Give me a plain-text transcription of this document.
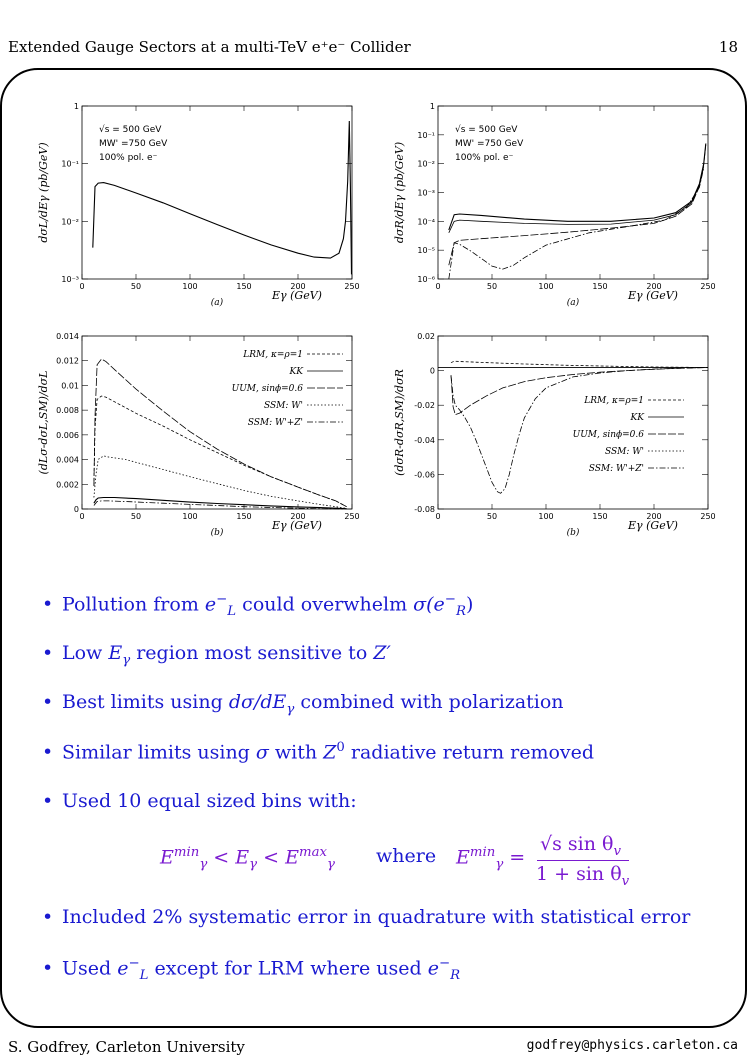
Extended Gauge Sectors at a multi-TeV e⁺e⁻ Collider	18
0	50	100	150	200	250
10⁻³
10⁻²
10⁻¹
1
√s = 500 GeV
MW' =750 GeV
100% pol. e⁻
Eγ (GeV)
dσL/dEγ (pb/GeV)
(a)
0	50	100	150	200	250
10⁻⁶
10⁻⁵
10⁻⁴
10⁻³
10⁻²
10⁻¹
1
√s = 500 GeV
MW' =750 GeV
100% pol. e⁻
Eγ (GeV)
dσR/dEγ (pb/GeV)
(a)
0	50	100	150	200	250
0
0.002
0.004
0.006
0.008
0.01
0.012
0.014
LRM, κ=ρ=1
KK
UUM, sinϕ=0.6
SSM: W'
SSM: W'+Z'
Eγ (GeV)
(dLσ-dσL,SM)/dσL
(b)
0	50	100	150	200	250
-0.08
-0.06
-0.04
-0.02
0
0.02
LRM, κ=ρ=1
KK
UUM, sinϕ=0.6
SSM: W'
SSM: W'+Z'
Eγ (GeV)
(dσR-dσR,SM)/dσR
(b)
• Pollution from $e^-_L$ could overwhelm $\sigma(e^-_R)$
• Low $E_\gamma$ region most sensitive to Z′
• Best limits using $d\sigma/dE_\gamma$ combined with polarization
• Similar limits using σ with $Z^0$ radiative return removed
• Used 10 equal sized bins with:
$E^{min}_\gamma < E_\gamma < E^{max}_\gamma$ where $E^{min}_\gamma$ =
√s $\sin \theta_v$
$1 + \sin \theta_v$
• Included 2% systematic error in quadrature with statistical error
• Used $e^-_L$ except for LRM where used $e^-_R$
S. Godfrey, Carleton University	godfrey@physics.carleton.ca
